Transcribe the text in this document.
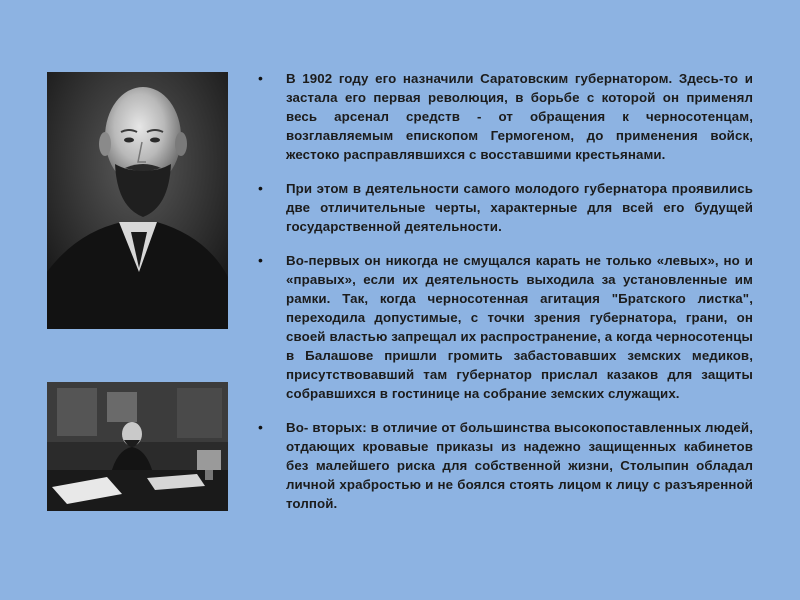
• В 1902 году его назначили Саратовским губернатором. Здесь-то и застала его первая революция, в борьбе с которой он применял весь арсенал средств - от обращения к черносотенцам, возглавляемым епископом Гермогеном, до применения войск, жестоко расправлявшихся с восставшими крестьянами.
• При этом в деятельности самого молодого губернатора проявились две отличительные черты, характерные для всей его будущей государственной деятельности.
• Во-первых он никогда не смущался карать не только «левых», но и «правых», если их деятельность выходила за установленные им рамки. Так, когда черносотенная агитация "Братского листка", переходила допустимые, с точки зрения губернатора, грани, он своей властью запрещал их распространение, а когда черносотенцы в Балашове пришли громить забастовавших земских медиков, присутствовавший там губернатор прислал казаков для защиты собравшихся в гостинице на собрание земских служащих.
• Во- вторых: в отличие от большинства высокопоставленных людей, отдающих кровавые приказы из надежно защищенных кабинетов без малейшего риска для собственной жизни, Столыпин обладал личной храбростью и не боялся стоять лицом к лицу с разъяренной толпой.
